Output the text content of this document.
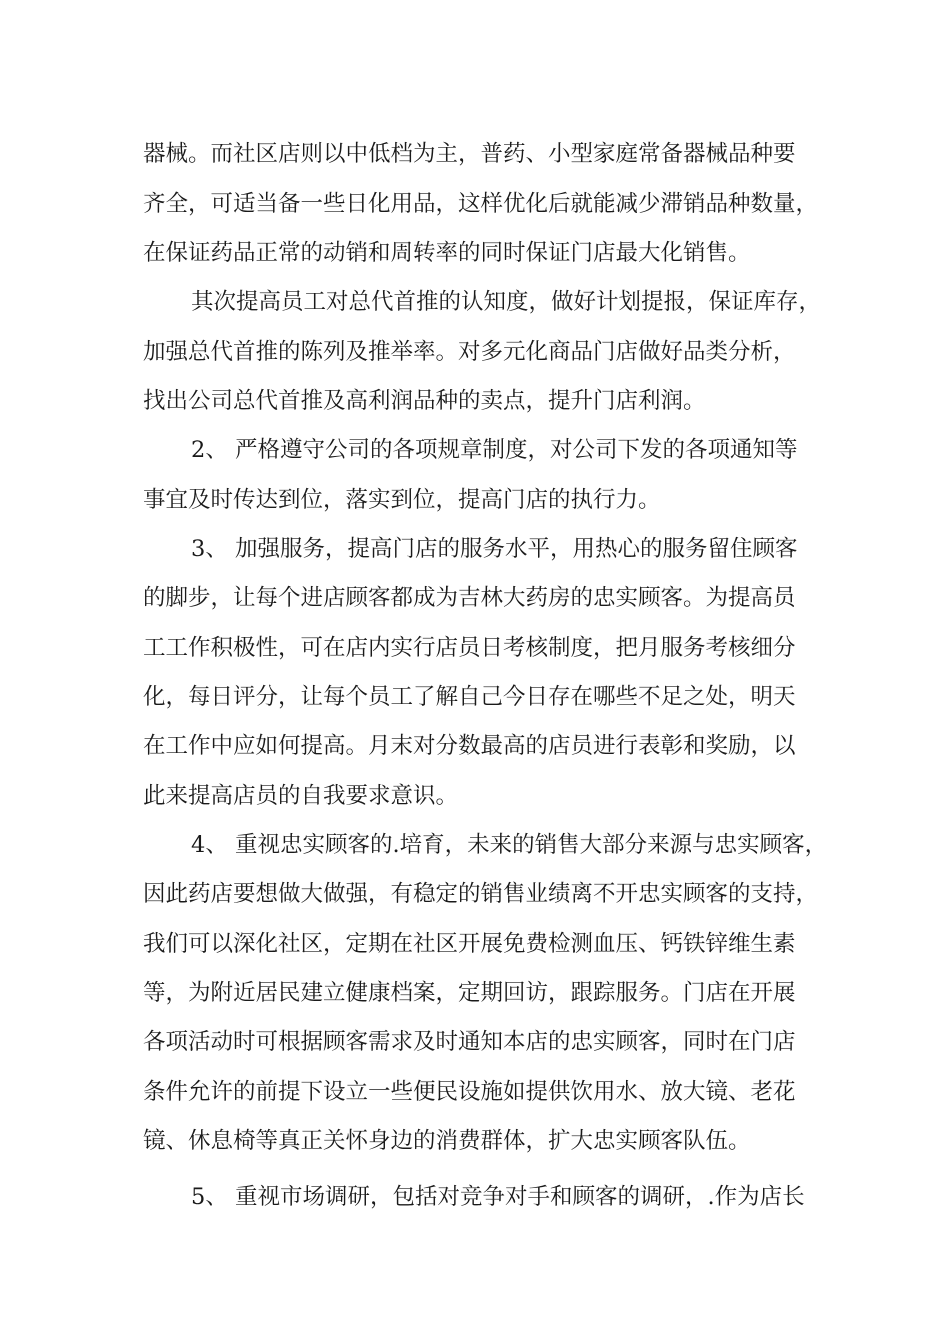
器械。而社区店则以中低档为主，普药、小型家庭常备器械品种要
齐全，可适当备一些日化用品，这样优化后就能减少滞销品种数量，
在保证药品正常的动销和周转率的同时保证门店最大化销售。
其次提高员工对总代首推的认知度，做好计划提报，保证库存，
加强总代首推的陈列及推举率。对多元化商品门店做好品类分析，
找出公司总代首推及高利润品种的卖点，提升门店利润。
2、 严格遵守公司的各项规章制度，对公司下发的各项通知等
事宜及时传达到位，落实到位，提高门店的执行力。
3、 加强服务，提高门店的服务水平，用热心的服务留住顾客
的脚步，让每个进店顾客都成为吉林大药房的忠实顾客。为提高员
工工作积极性，可在店内实行店员日考核制度，把月服务考核细分
化，每日评分，让每个员工了解自己今日存在哪些不足之处，明天
在工作中应如何提高。月末对分数最高的店员进行表彰和奖励，以
此来提高店员的自我要求意识。
4、 重视忠实顾客的.培育，未来的销售大部分来源与忠实顾客，
因此药店要想做大做强，有稳定的销售业绩离不开忠实顾客的支持，
我们可以深化社区，定期在社区开展免费检测血压、钙铁锌维生素
等，为附近居民建立健康档案，定期回访，跟踪服务。门店在开展
各项活动时可根据顾客需求及时通知本店的忠实顾客，同时在门店
条件允许的前提下设立一些便民设施如提供饮用水、放大镜、老花
镜、休息椅等真正关怀身边的消费群体，扩大忠实顾客队伍。
5、 重视市场调研，包括对竞争对手和顾客的调研，.作为店长
